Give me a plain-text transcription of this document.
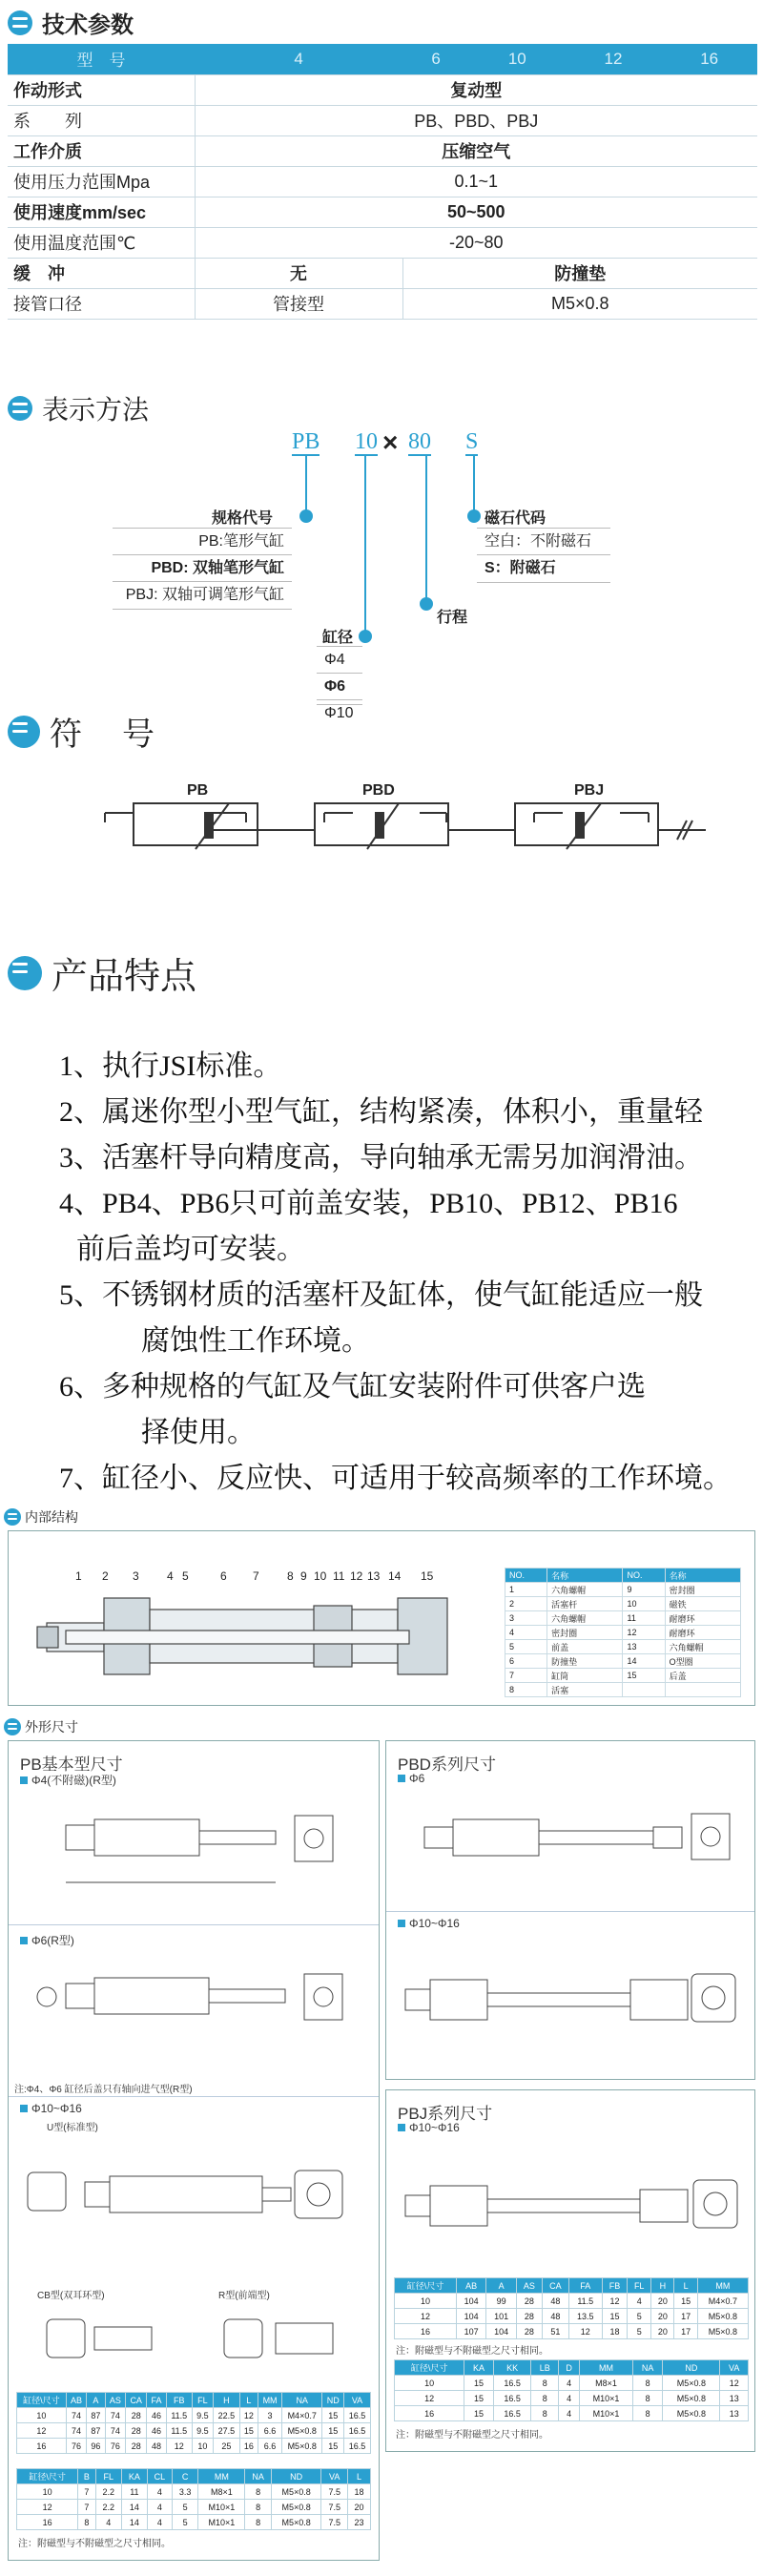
技术参数
型　号	4	6	10	12	16
作动形式	复动型				
系　　列	PB、PBD、PBJ				
工作介质	压缩空气				
使用压力范围Mpa	0.1~1				
使用速度mm/sec	50~500				
使用温度范围℃	-20~80				
缓　冲	无	防撞垫			
接管口径	管接型	M5×0.8			
表示方法
PB 10 × 80 S
规格代号
PB:笔形气缸
PBD: 双轴笔形气缸
PBJ: 双轴可调笔形气缸
缸径
Φ4
Φ6
Φ10
行程
磁石代码
空白：不附磁石
S：附磁石
符　号
PB	PBD	PBJ
产品特点
1、执行JSI标准。
2、属迷你型小型气缸，结构紧凑，体积小，重量轻
3、活塞杆导向精度高，导向轴承无需另加润滑油。
4、PB4、PB6只可前盖安装，PB10、PB12、PB16
前后盖均可安装。
5、不锈钢材质的活塞杆及缸体，使气缸能适应一般
腐蚀性工作环境。
6、多种规格的气缸及气缸安装附件可供客户选
择使用。
7、缸径小、反应快、可适用于较高频率的工作环境。
内部结构
1 2 3 4 5	6 7 8 9 10 11 12 13 14 15	NO.	名称	NO.	名称
1	六角螺帽	9	密封圈
2	活塞杆	10	磁铁
3	六角螺帽	11	耐磨环
4	密封圈	12	耐磨环
5	前盖	13	六角螺帽
6	防撞垫	14	O型圈
7	缸筒	15	后盖
8	活塞		
外形尺寸
PB基本型尺寸
Φ4(不附磁)(R型)
Φ6(R型)
注:Φ4、Φ6 缸径后盖只有轴向进气型(R型)
Φ10~Φ16
U型(标准型)
CB型(双耳环型)	R型(前端型)
缸径\尺寸	AB	A	AS	CA	FA	FB	FL	H	L	MM	NA	ND	VA
10	74	87	74	28	46	11.5	9.5	22.5	12	3	M4×0.7	15	16.5
12	74	87	74	28	46	11.5	9.5	27.5	15	6.6	M5×0.8	15	16.5
16	76	96	76	28	48	12	10	25	16	6.6	M5×0.8	15	16.5
缸径\尺寸	B	FL	KA	CL	C	MM	NA	ND	VA	L
10	7	2.2	11	4	3.3	M8×1	8	M5×0.8	7.5	18
12	7	2.2	14	4	5	M10×1	8	M5×0.8	7.5	20
16	8	4	14	4	5	M10×1	8	M5×0.8	7.5	23
注：附磁型与不附磁型之尺寸相同。
PBD系列尺寸
Φ6
Φ10~Φ16
PBJ系列尺寸
Φ10~Φ16
缸径\尺寸	AB	A	AS	CA	FA	FB	FL	H	L	MM
10	104	99	28	48	11.5	12	4	20	15	M4×0.7
12	104	101	28	48	13.5	15	5	20	17	M5×0.8
16	107	104	28	51	12	18	5	20	17	M5×0.8
注：附磁型与不附磁型之尺寸相同。
缸径\尺寸	KA	KK	LB	D	MM	NA	ND	VA
10	15	16.5	8	4	M8×1	8	M5×0.8	12
12	15	16.5	8	4	M10×1	8	M5×0.8	13
16	15	16.5	8	4	M10×1	8	M5×0.8	13
注：附磁型与不附磁型之尺寸相同。
